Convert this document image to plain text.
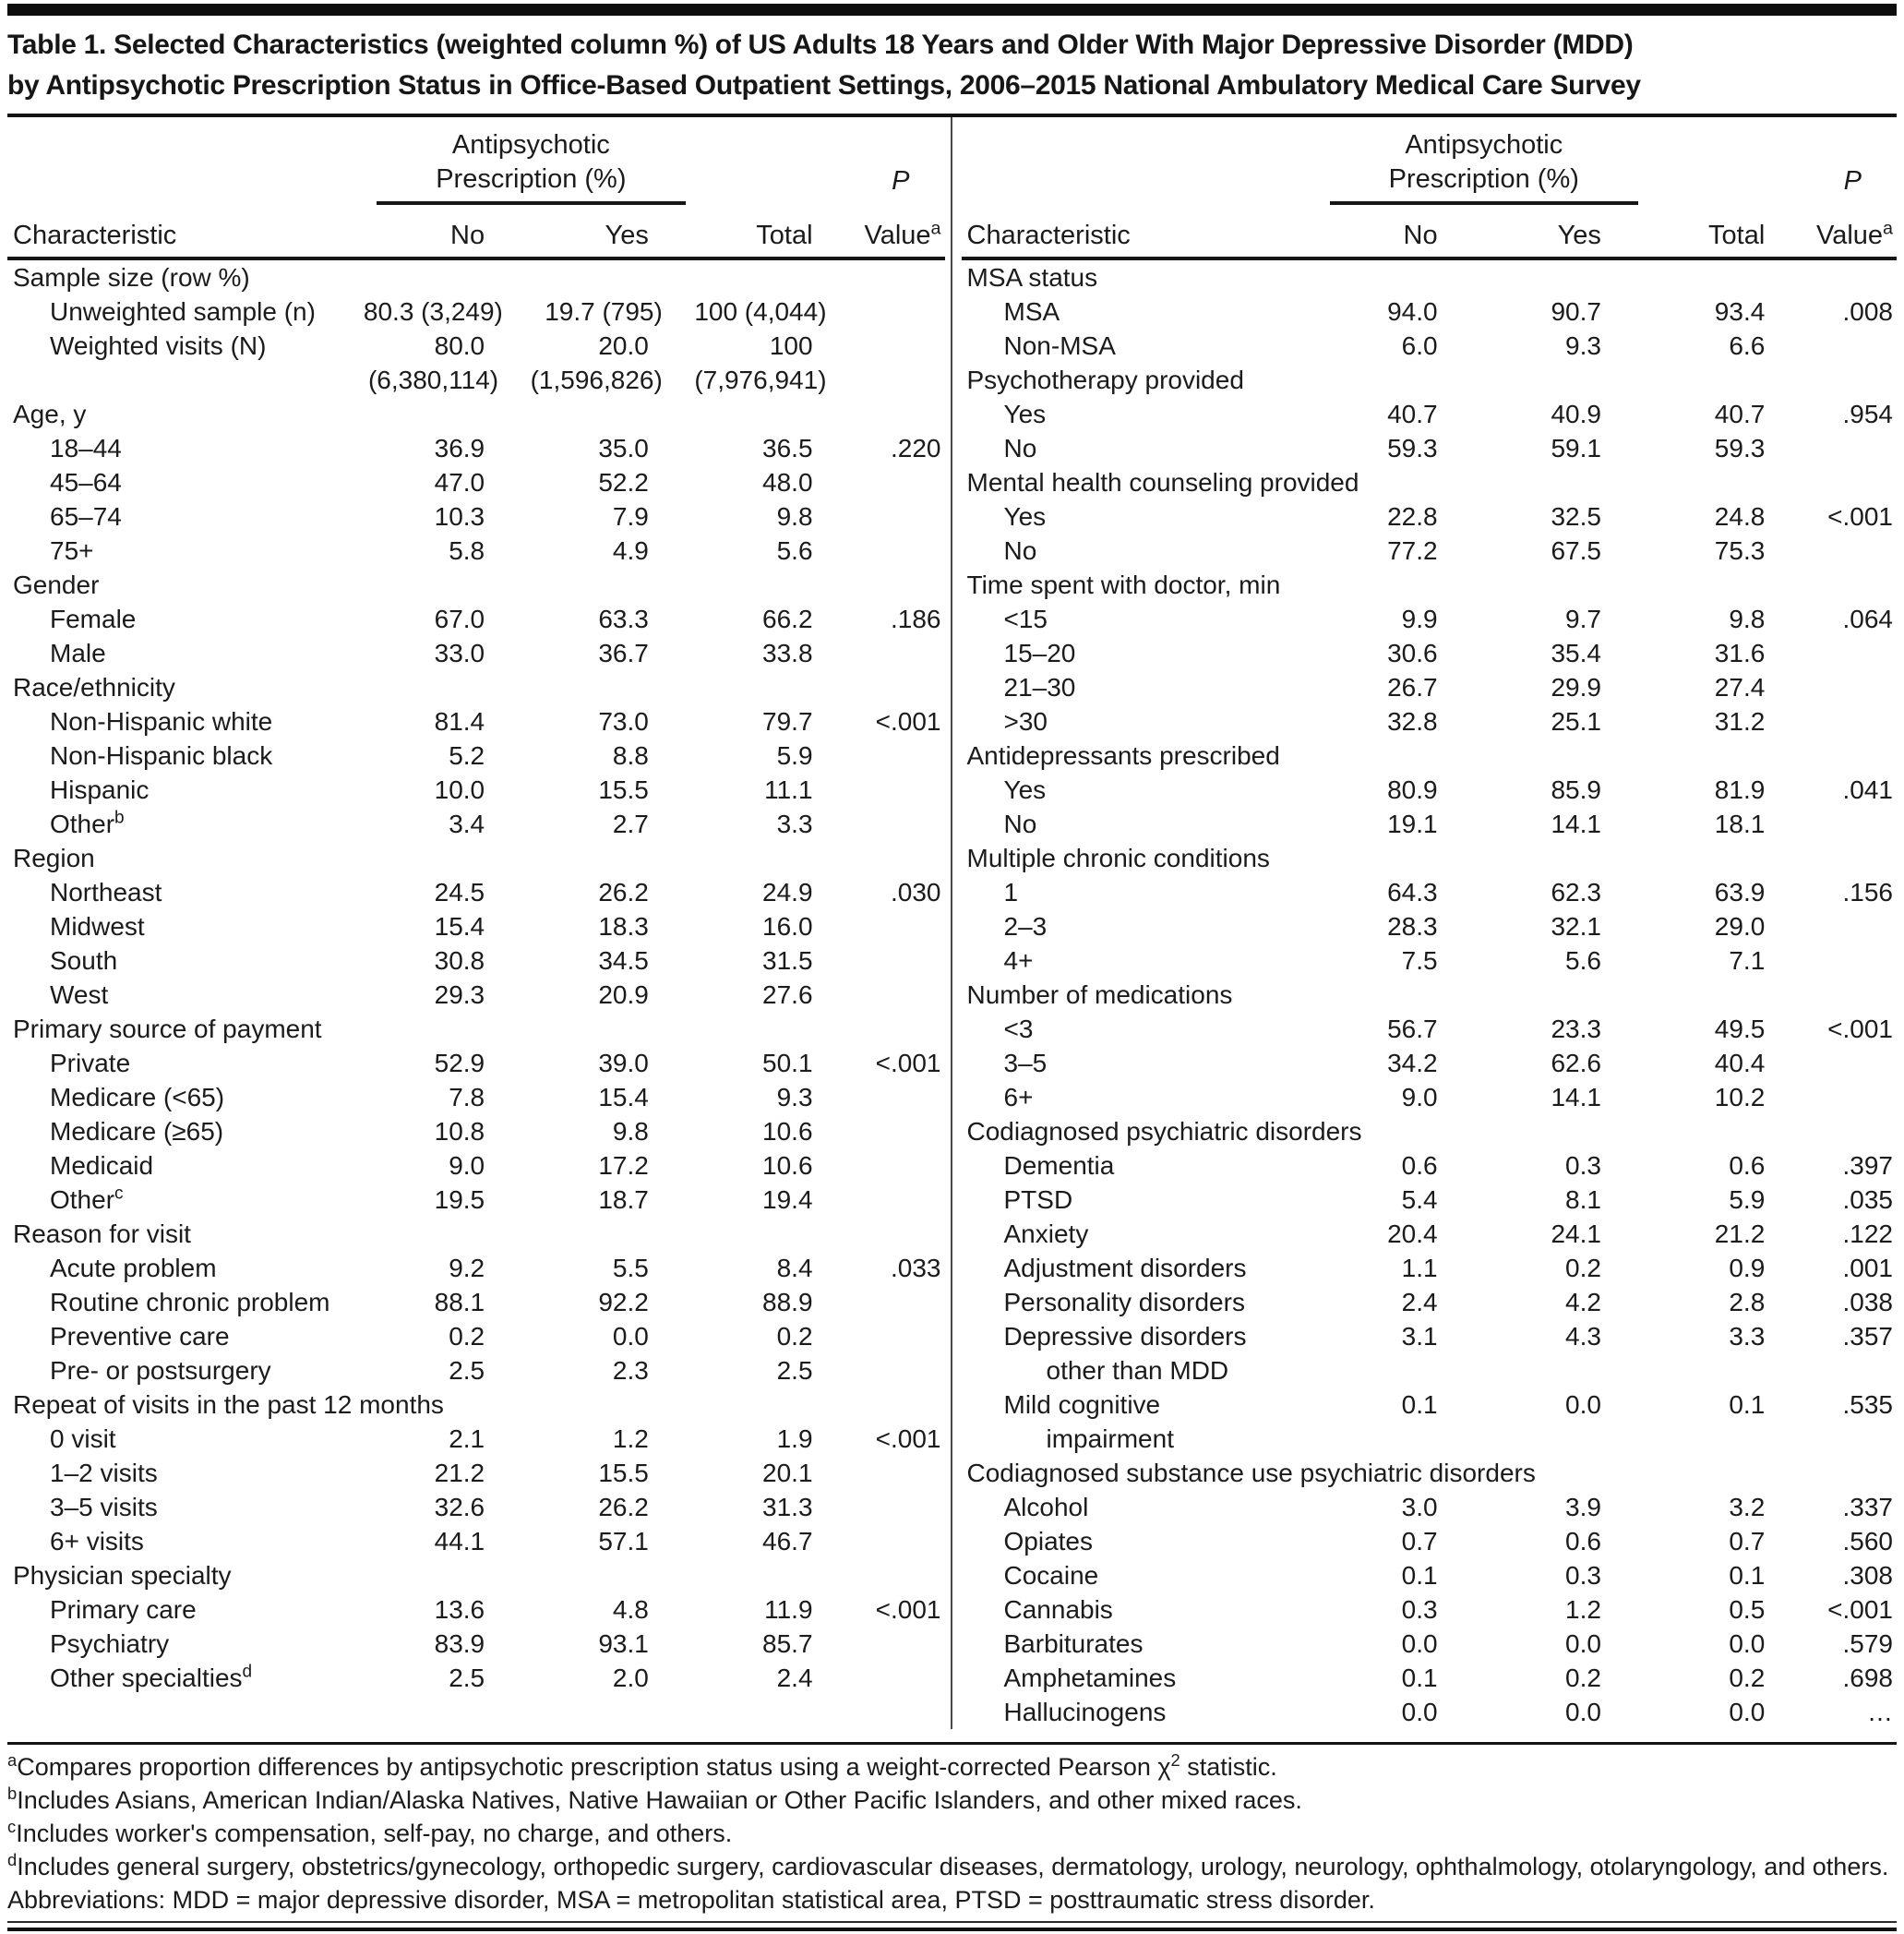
Table 1. Selected Characteristics (weighted column %) of US Adults 18 Years and Older With Major Depressive Disorder (MDD)
by Antipsychotic Prescription Status in Office-Based Outpatient Settings, 2006–2015 National Ambulatory Medical Care Survey

	Antipsychotic
Prescription (%)			P
Characteristic	No	Yes	Total	Value$^a$
Sample size (row %)				
Unweighted sample (n)	80.3 (3,249)	19.7 (795)	100 (4,044)	
Weighted visits (N)	80.0	20.0	100	
	(6,380,114)	(1,596,826)	(7,976,941)	
Age, y				
18–44	36.9	35.0	36.5	.220
45–64	47.0	52.2	48.0	
65–74	10.3	7.9	9.8	
75+	5.8	4.9	5.6	
Gender				
Female	67.0	63.3	66.2	.186
Male	33.0	36.7	33.8	
Race/ethnicity				
Non-Hispanic white	81.4	73.0	79.7	<.001
Non-Hispanic black	5.2	8.8	5.9	
Hispanic	10.0	15.5	11.1	
Other$^b$	3.4	2.7	3.3	
Region				
Northeast	24.5	26.2	24.9	.030
Midwest	15.4	18.3	16.0	
South	30.8	34.5	31.5	
West	29.3	20.9	27.6	
Primary source of payment				
Private	52.9	39.0	50.1	<.001
Medicare (<65)	7.8	15.4	9.3	
Medicare (≥65)	10.8	9.8	10.6	
Medicaid	9.0	17.2	10.6	
Other$^c$	19.5	18.7	19.4	
Reason for visit				
Acute problem	9.2	5.5	8.4	.033
Routine chronic problem	88.1	92.2	88.9	
Preventive care	0.2	0.0	0.2	
Pre- or postsurgery	2.5	2.3	2.5	
Repeat of visits in the past 12 months				
0 visit	2.1	1.2	1.9	<.001
1–2 visits	21.2	15.5	20.1	
3–5 visits	32.6	26.2	31.3	
6+ visits	44.1	57.1	46.7	
Physician specialty				
Primary care	13.6	4.8	11.9	<.001
Psychiatry	83.9	93.1	85.7	
Other specialties$^d$	2.5	2.0	2.4	

	Antipsychotic
Prescription (%)			P
Characteristic	No	Yes	Total	Value$^a$
MSA status				
MSA	94.0	90.7	93.4	.008
Non-MSA	6.0	9.3	6.6	
Psychotherapy provided				
Yes	40.7	40.9	40.7	.954
No	59.3	59.1	59.3	
Mental health counseling provided				
Yes	22.8	32.5	24.8	<.001
No	77.2	67.5	75.3	
Time spent with doctor, min				
<15	9.9	9.7	9.8	.064
15–20	30.6	35.4	31.6	
21–30	26.7	29.9	27.4	
>30	32.8	25.1	31.2	
Antidepressants prescribed				
Yes	80.9	85.9	81.9	.041
No	19.1	14.1	18.1	
Multiple chronic conditions				
1	64.3	62.3	63.9	.156
2–3	28.3	32.1	29.0	
4+	7.5	5.6	7.1	
Number of medications				
<3	56.7	23.3	49.5	<.001
3–5	34.2	62.6	40.4	
6+	9.0	14.1	10.2	
Codiagnosed psychiatric disorders				
Dementia	0.6	0.3	0.6	.397
PTSD	5.4	8.1	5.9	.035
Anxiety	20.4	24.1	21.2	.122
Adjustment disorders	1.1	0.2	0.9	.001
Personality disorders	2.4	4.2	2.8	.038
Depressive disorders	3.1	4.3	3.3	.357
other than MDD				
Mild cognitive	0.1	0.0	0.1	.535
impairment				
Codiagnosed substance use psychiatric disorders				
Alcohol	3.0	3.9	3.2	.337
Opiates	0.7	0.6	0.7	.560
Cocaine	0.1	0.3	0.1	.308
Cannabis	0.3	1.2	0.5	<.001
Barbiturates	0.0	0.0	0.0	.579
Amphetamines	0.1	0.2	0.2	.698
Hallucinogens	0.0	0.0	0.0	…
$^a$Compares proportion differences by antipsychotic prescription status using a weight-corrected Pearson $\chi^2$ statistic.
$^b$Includes Asians, American Indian/Alaska Natives, Native Hawaiian or Other Pacific Islanders, and other mixed races.
$^c$Includes worker's compensation, self-pay, no charge, and others.
$^d$Includes general surgery, obstetrics/gynecology, orthopedic surgery, cardiovascular diseases, dermatology, urology, neurology, ophthalmology, otolaryngology, and others.
Abbreviations: MDD = major depressive disorder, MSA = metropolitan statistical area, PTSD = posttraumatic stress disorder.
